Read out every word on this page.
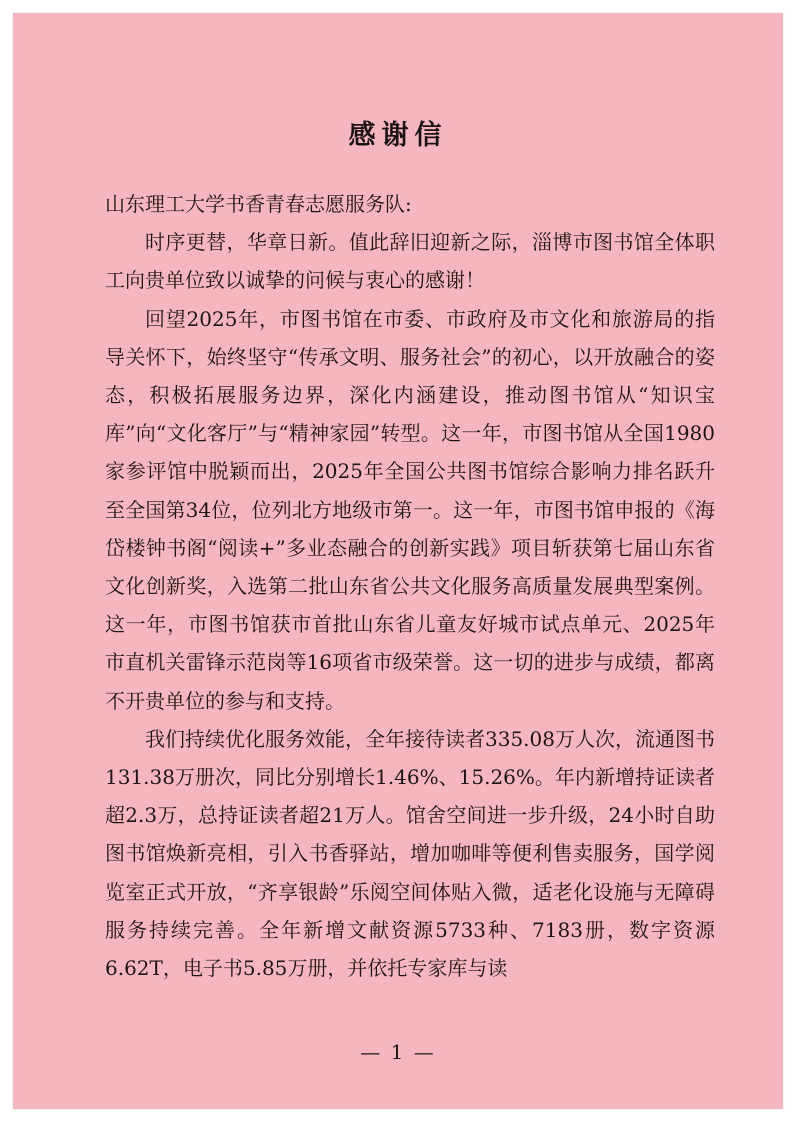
感谢信

山东理工大学书香青春志愿服务队:

时序更替，华章日新。值此辞旧迎新之际，淄博市图书馆全体职工向贵单位致以诚挚的问候与衷心的感谢！

回望2025年，市图书馆在市委、市政府及市文化和旅游局的指导关怀下，始终坚守“传承文明、服务社会”的初心，以开放融合的姿态，积极拓展服务边界，深化内涵建设，推动图书馆从“知识宝库”向“文化客厅”与“精神家园”转型。这一年，市图书馆从全国1980家参评馆中脱颖而出，2025年全国公共图书馆综合影响力排名跃升至全国第34位，位列北方地级市第一。这一年，市图书馆申报的《海岱楼钟书阁“阅读+”多业态融合的创新实践》项目斩获第七届山东省文化创新奖，入选第二批山东省公共文化服务高质量发展典型案例。这一年，市图书馆获市首批山东省儿童友好城市试点单元、2025年市直机关雷锋示范岗等16项省市级荣誉。这一切的进步与成绩，都离不开贵单位的参与和支持。

我们持续优化服务效能，全年接待读者335.08万人次，流通图书131.38万册次，同比分别增长1.46%、15.26%。年内新增持证读者超2.3万，总持证读者超21万人。馆舍空间进一步升级，24小时自助图书馆焕新亮相，引入书香驿站，增加咖啡等便利售卖服务，国学阅览室正式开放，“齐享银龄”乐阅空间体贴入微，适老化设施与无障碍服务持续完善。全年新增文献资源5733种、7183册，数字资源6.62T，电子书5.85万册，并依托专家库与读

— 1 —
